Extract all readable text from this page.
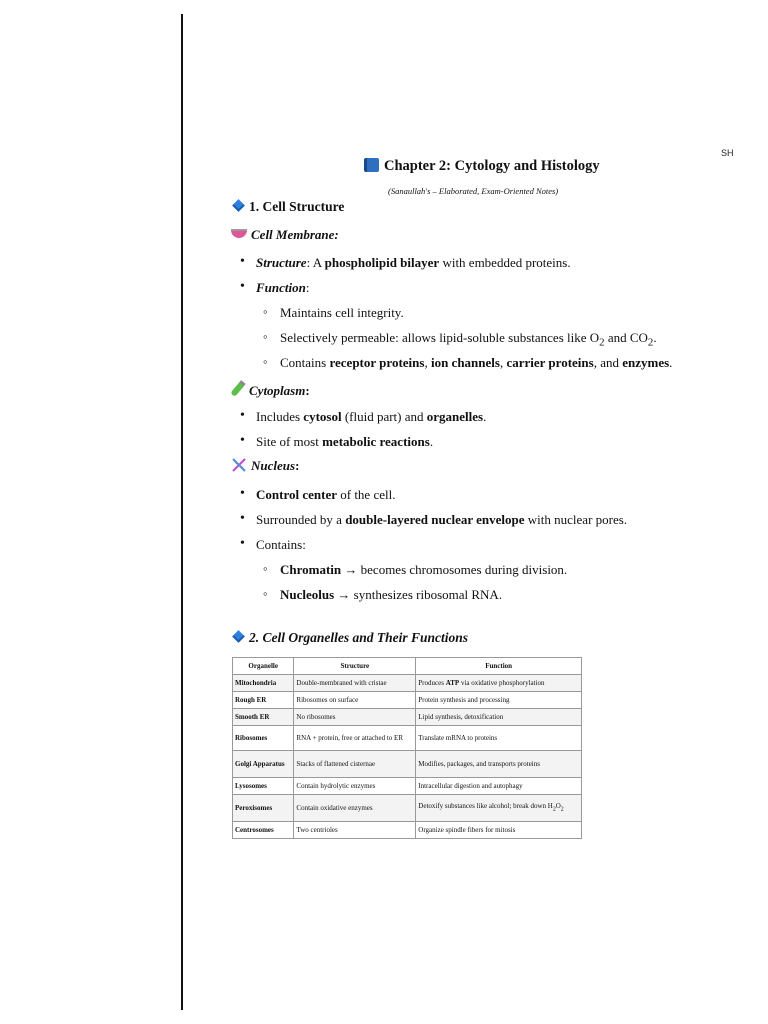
SH
Chapter 2: Cytology and Histology
(Sanaullah's – Elaborated, Exam-Oriented Notes)
1. Cell Structure
Cell Membrane:
• Structure: A phospholipid bilayer with embedded proteins.
• Function:
◦ Maintains cell integrity.
◦ Selectively permeable: allows lipid-soluble substances like $O_2$ and $CO_2$.
◦ Contains receptor proteins, ion channels, carrier proteins, and enzymes.
Cytoplasm:
• Includes cytosol (fluid part) and organelles.
• Site of most metabolic reactions.
Nucleus:
• Control center of the cell.
• Surrounded by a double-layered nuclear envelope with nuclear pores.
• Contains:
◦ Chromatin → becomes chromosomes during division.
◦ Nucleolus → synthesizes ribosomal RNA.
2. Cell Organelles and Their Functions
Organelle	Structure	Function
Mitochondria	Double-membraned with cristae	Produces ATP via oxidative phosphorylation
Rough ER	Ribosomes on surface	Protein synthesis and processing
Smooth ER	No ribosomes	Lipid synthesis, detoxification
Ribosomes	RNA + protein, free or attached to ER	Translate mRNA to proteins
Golgi Apparatus	Stacks of flattened cisternae	Modifies, packages, and transports proteins
Lysosomes	Contain hydrolytic enzymes	Intracellular digestion and autophagy
Peroxisomes	Contain oxidative enzymes	Detoxify substances like alcohol; break down $H_2O_2$
Centrosomes	Two centrioles	Organize spindle fibers for mitosis
